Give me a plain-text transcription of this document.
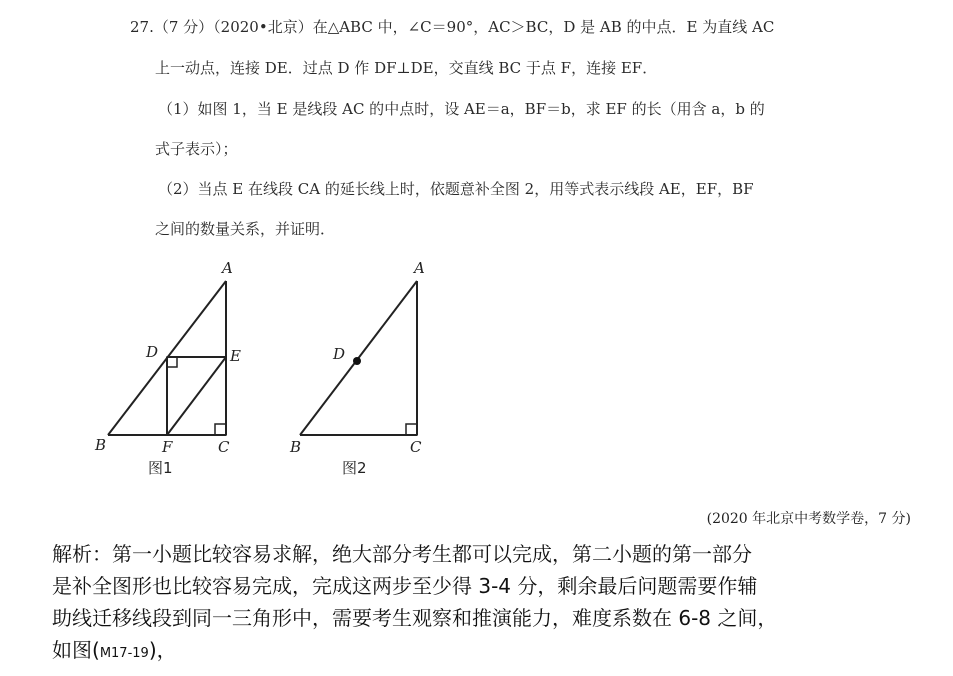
27.（7 分）（2020•北京）在△ABC 中，∠C＝90°，AC＞BC，D 是 AB 的中点．E 为直线 AC
上一动点，连接 DE．过点 D 作 DF⊥DE，交直线 BC 于点 F，连接 EF．
（1）如图 1，当 E 是线段 AC 的中点时，设 AE＝a，BF＝b，求 EF 的长（用含 a，b 的
式子表示）；
（2）当点 E 在线段 CA 的延长线上时，依题意补全图 2，用等式表示线段 AE，EF，BF
之间的数量关系，并证明．
A
B	C
D	E
F
图1
A
B	C
D
图2
(2020 年北京中考数学卷，7 分)
解析：第一小题比较容易求解，绝大部分考生都可以完成，第二小题的第一部分
是补全图形也比较容易完成，完成这两步至少得 3-4 分，剩余最后问题需要作辅
助线迁移线段到同一三角形中，需要考生观察和推演能力，难度系数在 6-8 之间，
如图(M17-19)，
